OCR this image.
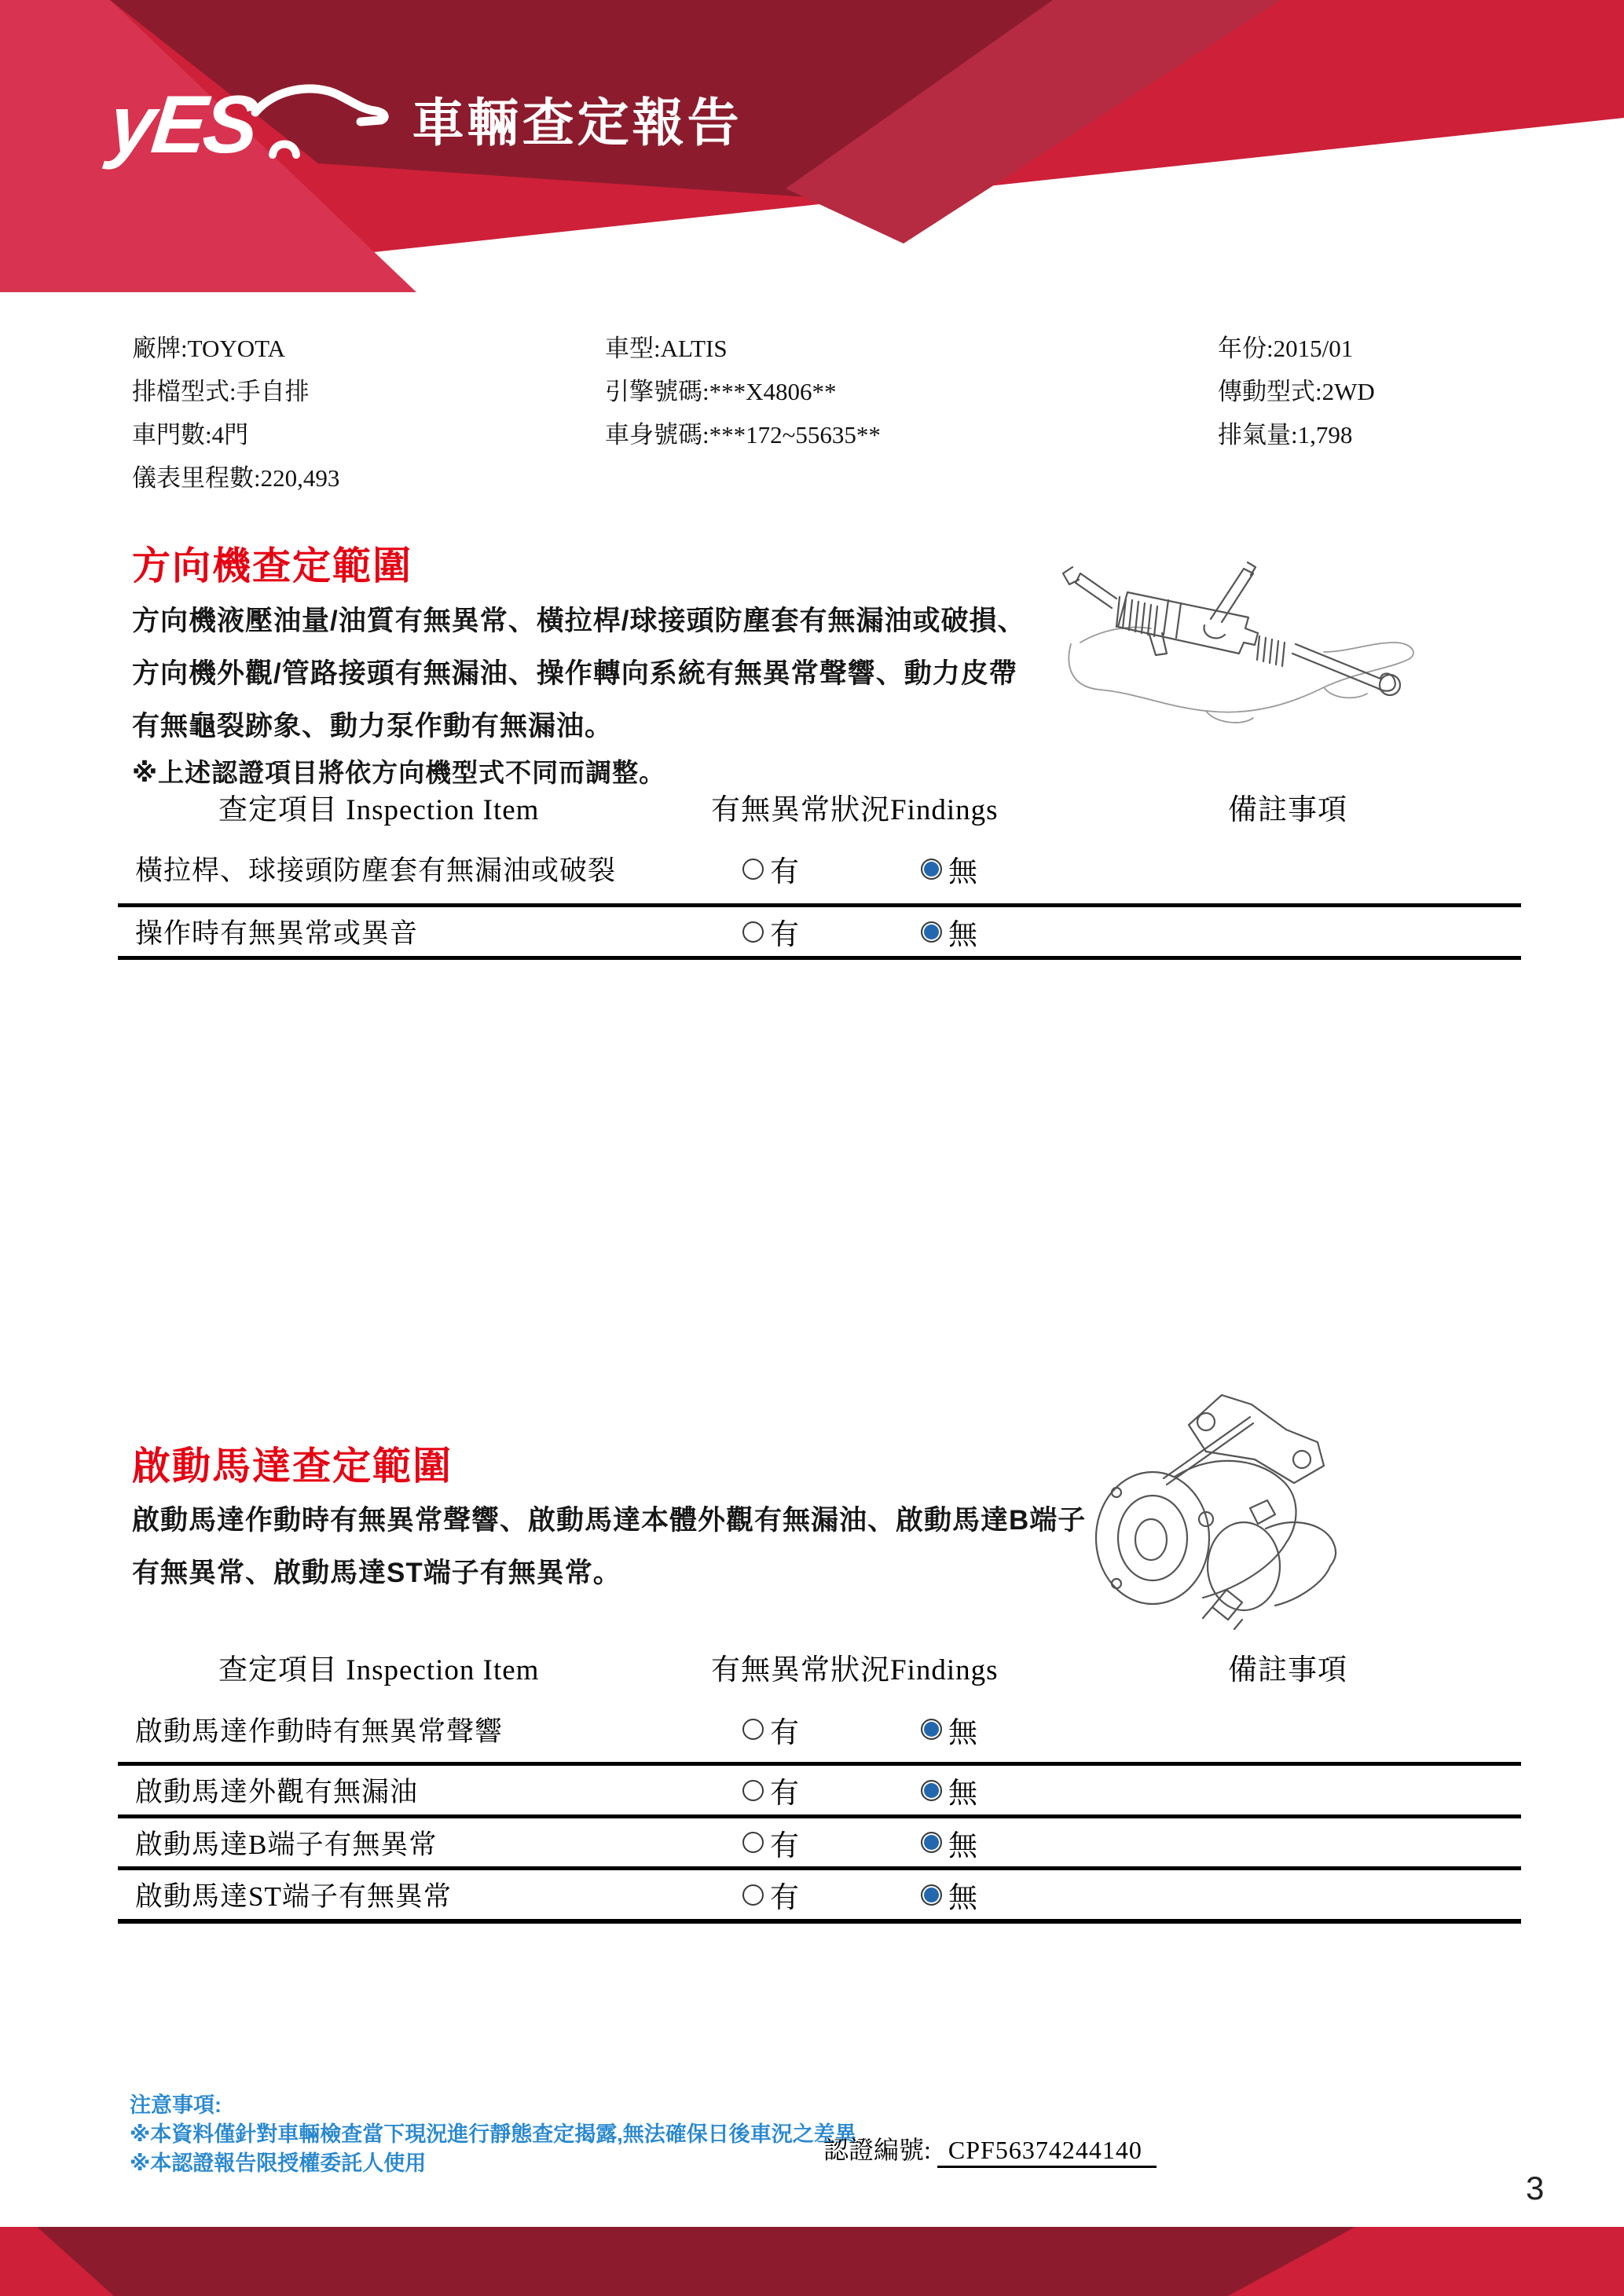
yES	車輛查定報告
廠牌:TOYOTA
排檔型式:手自排
車門數:4門
儀表里程數:220,493
車型:ALTIS
引擎號碼:***X4806**
車身號碼:***172~55635**
年份:2015/01
傳動型式:2WD
排氣量:1,798
方向機查定範圍
方向機液壓油量/油質有無異常、橫拉桿/球接頭防塵套有無漏油或破損、
方向機外觀/管路接頭有無漏油、操作轉向系統有無異常聲響、動力皮帶
有無龜裂跡象、動力泵作動有無漏油。
※上述認證項目將依方向機型式不同而調整。
查定項目 Inspection Item	有無異常狀況Findings	備註事項
橫拉桿、球接頭防塵套有無漏油或破裂	有	無
操作時有無異常或異音	有	無
啟動馬達查定範圍
啟動馬達作動時有無異常聲響、啟動馬達本體外觀有無漏油、啟動馬達B端子
有無異常、啟動馬達ST端子有無異常。
查定項目 Inspection Item	有無異常狀況Findings	備註事項
啟動馬達作動時有無異常聲響	有	無
啟動馬達外觀有無漏油	有	無
啟動馬達B端子有無異常	有	無
啟動馬達ST端子有無異常	有	無
注意事項:
※本資料僅針對車輛檢查當下現況進行靜態查定揭露,無法確保日後車況之差異
※本認證報告限授權委託人使用	認證編號: CPF56374244140
3
